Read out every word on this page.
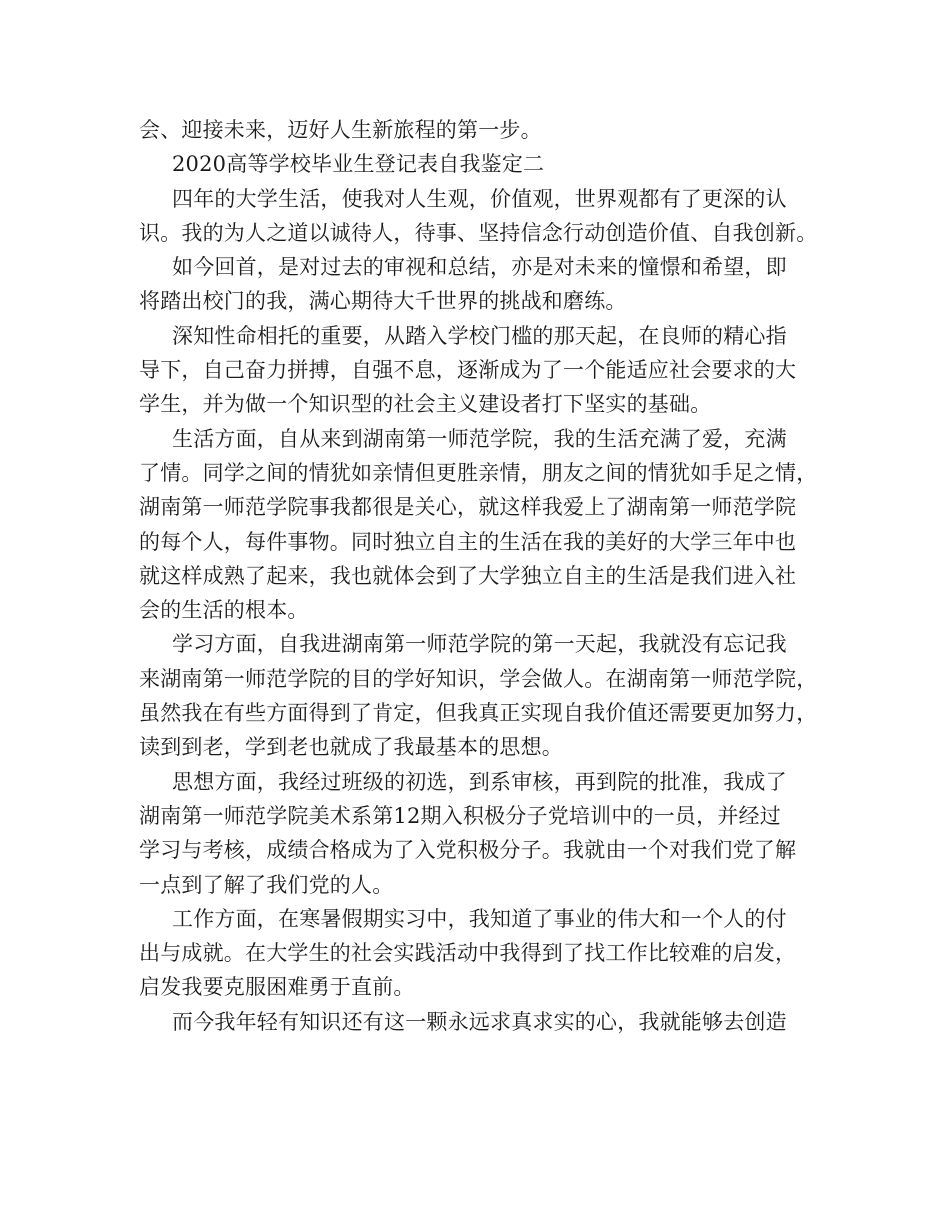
会、迎接未来，迈好人生新旅程的第一步。
2020高等学校毕业生登记表自我鉴定二
四年的大学生活，使我对人生观，价值观，世界观都有了更深的认
识。我的为人之道以诚待人，待事、坚持信念行动创造价值、自我创新。
如今回首，是对过去的审视和总结，亦是对未来的憧憬和希望，即
将踏出校门的我，满心期待大千世界的挑战和磨练。
深知性命相托的重要，从踏入学校门槛的那天起，在良师的精心指
导下，自己奋力拼搏，自强不息，逐渐成为了一个能适应社会要求的大
学生，并为做一个知识型的社会主义建设者打下坚实的基础。
生活方面，自从来到湖南第一师范学院，我的生活充满了爱，充满
了情。同学之间的情犹如亲情但更胜亲情，朋友之间的情犹如手足之情，
湖南第一师范学院事我都很是关心，就这样我爱上了湖南第一师范学院
的每个人，每件事物。同时独立自主的生活在我的美好的大学三年中也
就这样成熟了起来，我也就体会到了大学独立自主的生活是我们进入社
会的生活的根本。
学习方面，自我进湖南第一师范学院的第一天起，我就没有忘记我
来湖南第一师范学院的目的学好知识，学会做人。在湖南第一师范学院，
虽然我在有些方面得到了肯定，但我真正实现自我价值还需要更加努力，
读到到老，学到老也就成了我最基本的思想。
思想方面，我经过班级的初选，到系审核，再到院的批准，我成了
湖南第一师范学院美术系第12期入积极分子党培训中的一员，并经过
学习与考核，成绩合格成为了入党积极分子。我就由一个对我们党了解
一点到了解了我们党的人。
工作方面，在寒暑假期实习中，我知道了事业的伟大和一个人的付
出与成就。在大学生的社会实践活动中我得到了找工作比较难的启发，
启发我要克服困难勇于直前。
而今我年轻有知识还有这一颗永远求真求实的心，我就能够去创造
